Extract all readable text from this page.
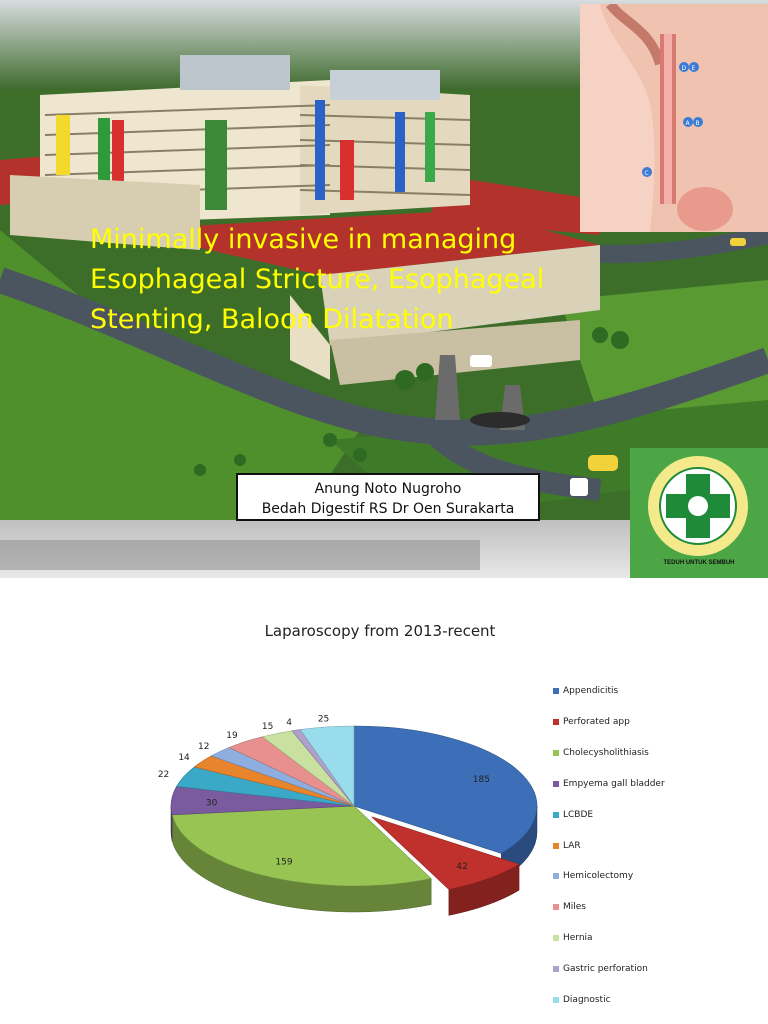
Minimally invasive in managing
Esophageal Stricture, Esophageal
Stenting, Baloon Dilatation
Anung Noto Nugroho
Bedah Digestif RS Dr Oen Surakarta
D E
A B
C
1970
TEDUH UNTUK SEMBUH
Laparoscopy from 2013-recent
185
42
159
30
22
14
12
19
15 4	25
Appendicitis
Perforated app
Cholecysholithiasis
Empyema gall bladder
LCBDE
LAR
Hemicolectomy
Miles
Hernia
Gastric perforation
Diagnostic
